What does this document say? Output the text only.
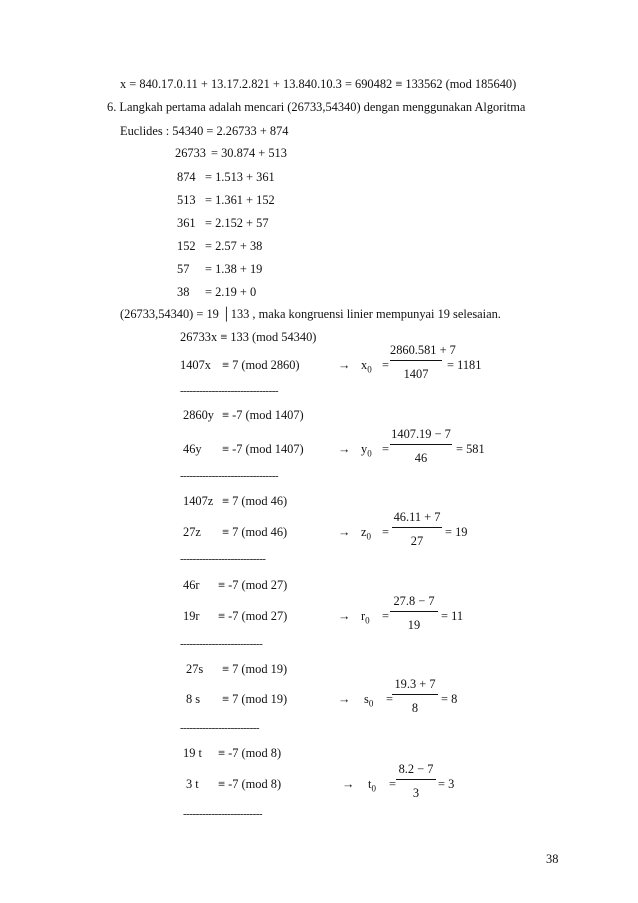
x = 840.17.0.11 + 13.17.2.821 + 13.840.10.3 = 690482 ≡ 133562 (mod 185640)
6. Langkah pertama adalah mencari (26733,54340) dengan menggunakan Algoritma
Euclides : 54340 = 2.26733 + 874
26733 = 30.874 + 513
874 = 1.513 + 361
513 = 1.361 + 152
361 = 2.152 + 57
152 = 2.57 + 38
57 = 1.38 + 19
38 = 2.19 + 0
(26733,54340) = 19 │133 , maka kongruensi linier mempunyai 19 selesaian.
26733x ≡ 133 (mod 54340)
1407x ≡ 7 (mod 2860)	→ $x_0$ =
2860.581 + 7
1407
= 1181
-------------------------------
2860y ≡ -7 (mod 1407)
46y ≡ -7 (mod 1407)	→ $y_0$ =
1407.19 − 7
46
= 581
-------------------------------
1407z ≡ 7 (mod 46)
27z ≡ 7 (mod 46)	→ $z_0$ =
46.11 + 7
27
= 19
---------------------------
46r ≡ -7 (mod 27)
19r ≡ -7 (mod 27)	→ $r_0$ =
27.8 − 7
19
= 11
--------------------------
27s ≡ 7 (mod 19)
8 s ≡ 7 (mod 19)	→ $s_0$ =
19.3 + 7
8
= 8
-------------------------
19 t ≡ -7 (mod 8)
3 t ≡ -7 (mod 8)	→ $t_0$ =
8.2 − 7
3
= 3
-------------------------
38
